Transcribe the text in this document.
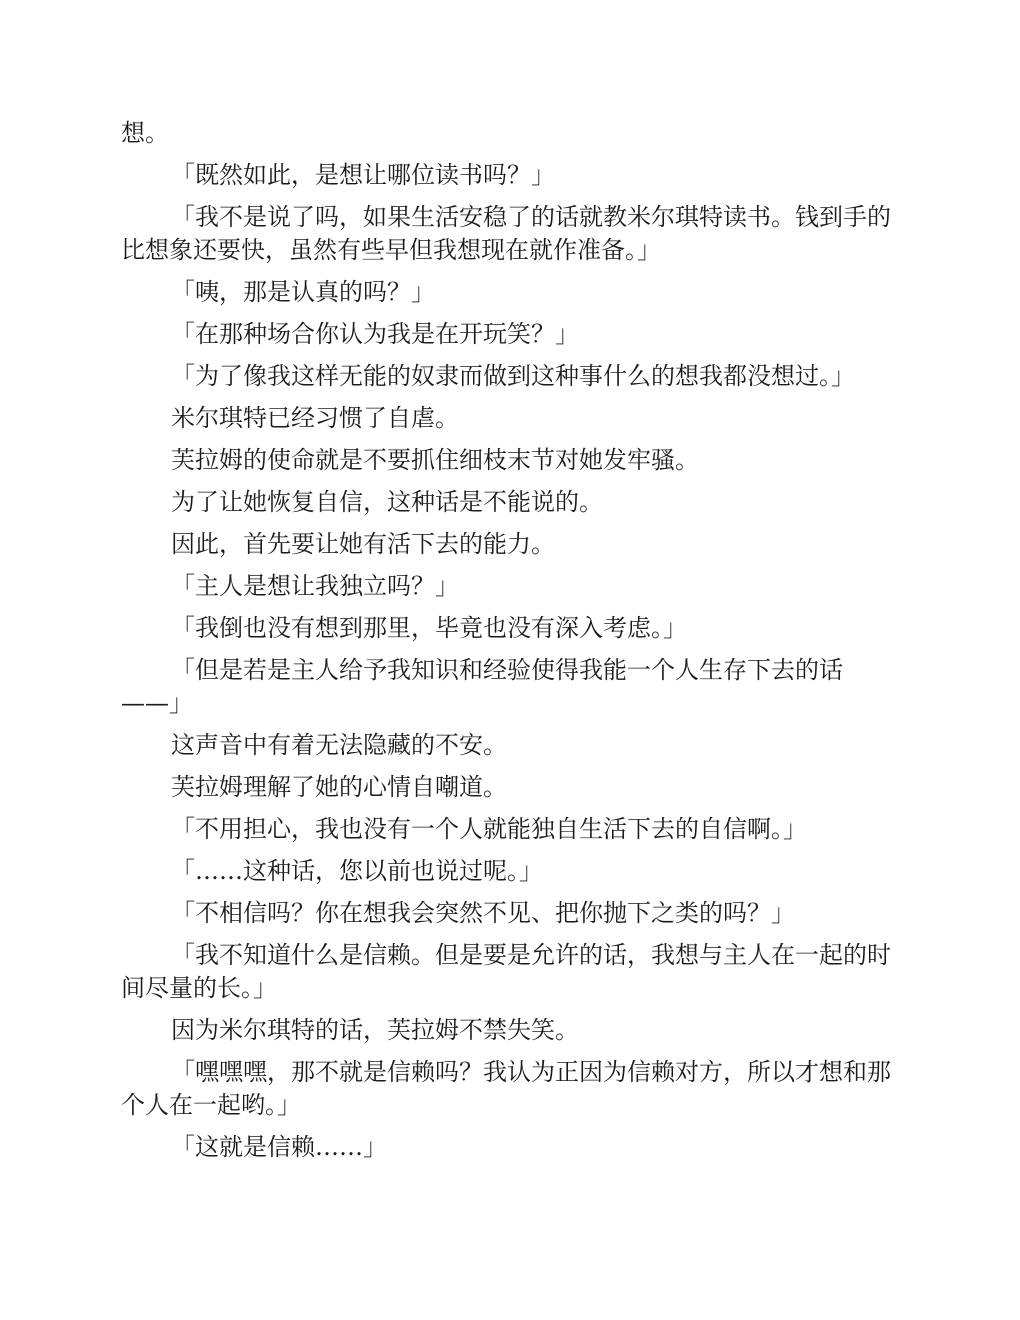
想。

「既然如此，是想让哪位读书吗？」

「我不是说了吗，如果生活安稳了的话就教米尔琪特读书。钱到手的比想象还要快，虽然有些早但我想现在就作准备。」

「咦，那是认真的吗？」

「在那种场合你认为我是在开玩笑？」

「为了像我这样无能的奴隶而做到这种事什么的想我都没想过。」

米尔琪特已经习惯了自虐。

芙拉姆的使命就是不要抓住细枝末节对她发牢骚。

为了让她恢复自信，这种话是不能说的。

因此，首先要让她有活下去的能力。

「主人是想让我独立吗？」

「我倒也没有想到那里，毕竟也没有深入考虑。」

「但是若是主人给予我知识和经验使得我能一个人生存下去的话——」

这声音中有着无法隐藏的不安。

芙拉姆理解了她的心情自嘲道。

「不用担心，我也没有一个人就能独自生活下去的自信啊。」

「……这种话，您以前也说过呢。」

「不相信吗？你在想我会突然不见、把你抛下之类的吗？」

「我不知道什么是信赖。但是要是允许的话，我想与主人在一起的时间尽量的长。」

因为米尔琪特的话，芙拉姆不禁失笑。

「嘿嘿嘿，那不就是信赖吗？我认为正因为信赖对方，所以才想和那个人在一起哟。」

「这就是信赖……」
